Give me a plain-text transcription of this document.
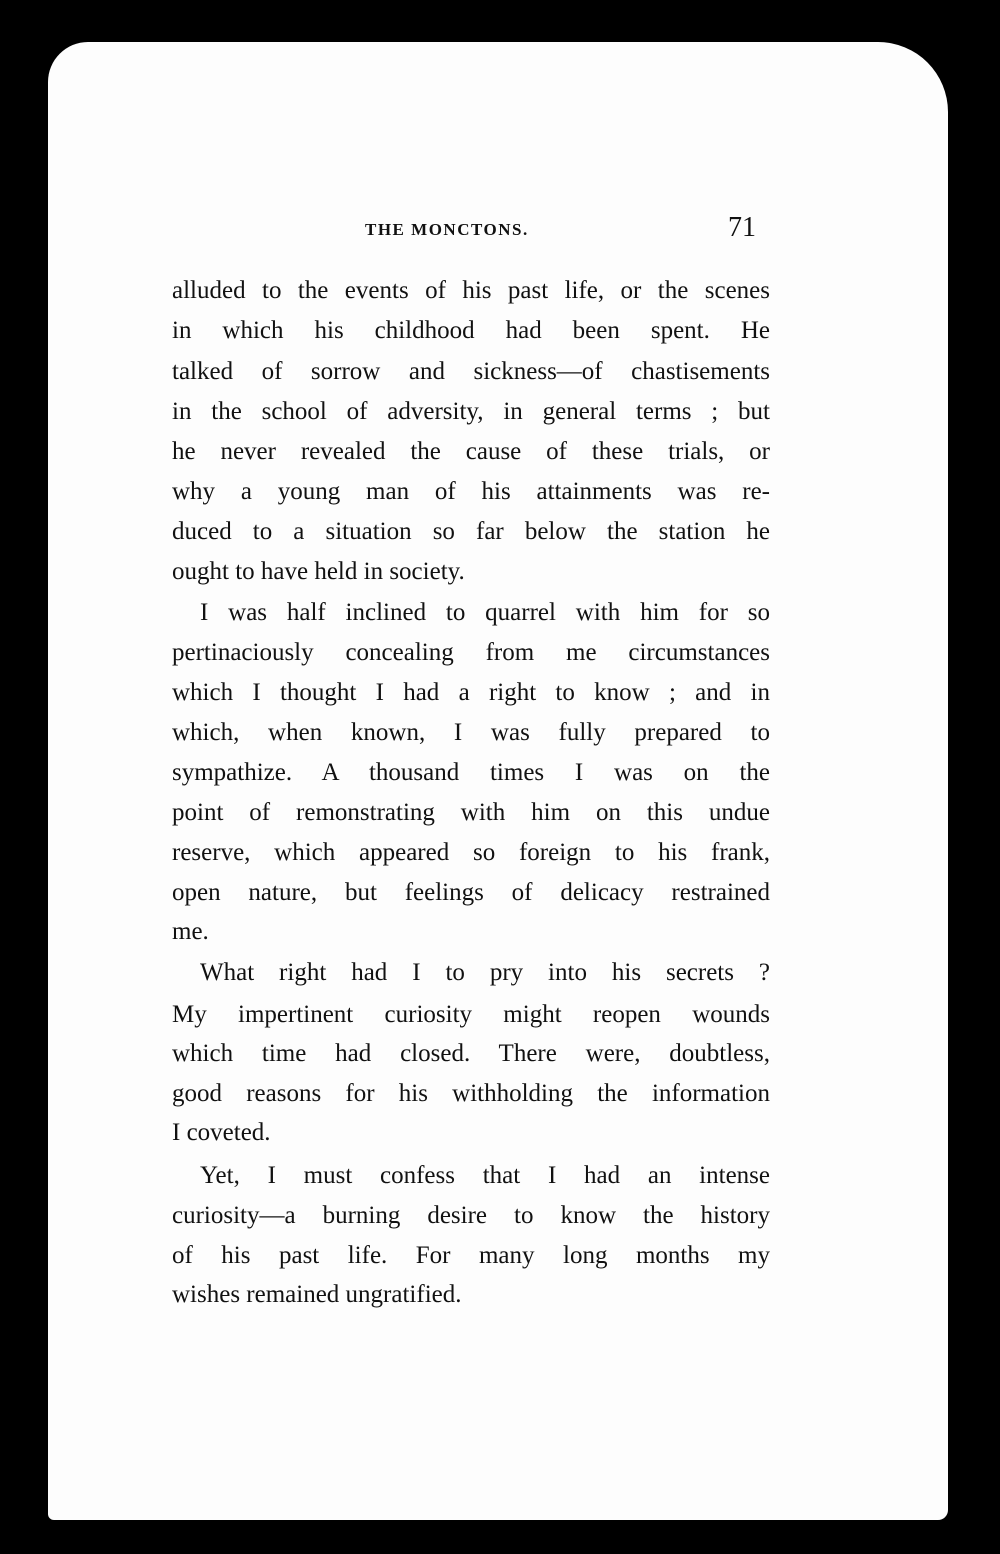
THE MONCTONS.	71
alluded to the events of his past life, or the scenes
in which his childhood had been spent. He
talked of sorrow and sickness—of chastisements
in the school of adversity, in general terms ; but
he never revealed the cause of these trials, or
why a young man of his attainments was re-
duced to a situation so far below the station he
ought to have held in society.
I was half inclined to quarrel with him for so
pertinaciously concealing from me circumstances
which I thought I had a right to know ; and in
which, when known, I was fully prepared to
sympathize. A thousand times I was on the
point of remonstrating with him on this undue
reserve, which appeared so foreign to his frank,
open nature, but feelings of delicacy restrained
me.
What right had I to pry into his secrets ?
My impertinent curiosity might reopen wounds
which time had closed. There were, doubtless,
good reasons for his withholding the information
I coveted.
Yet, I must confess that I had an intense
curiosity—a burning desire to know the history
of his past life. For many long months my
wishes remained ungratified.
